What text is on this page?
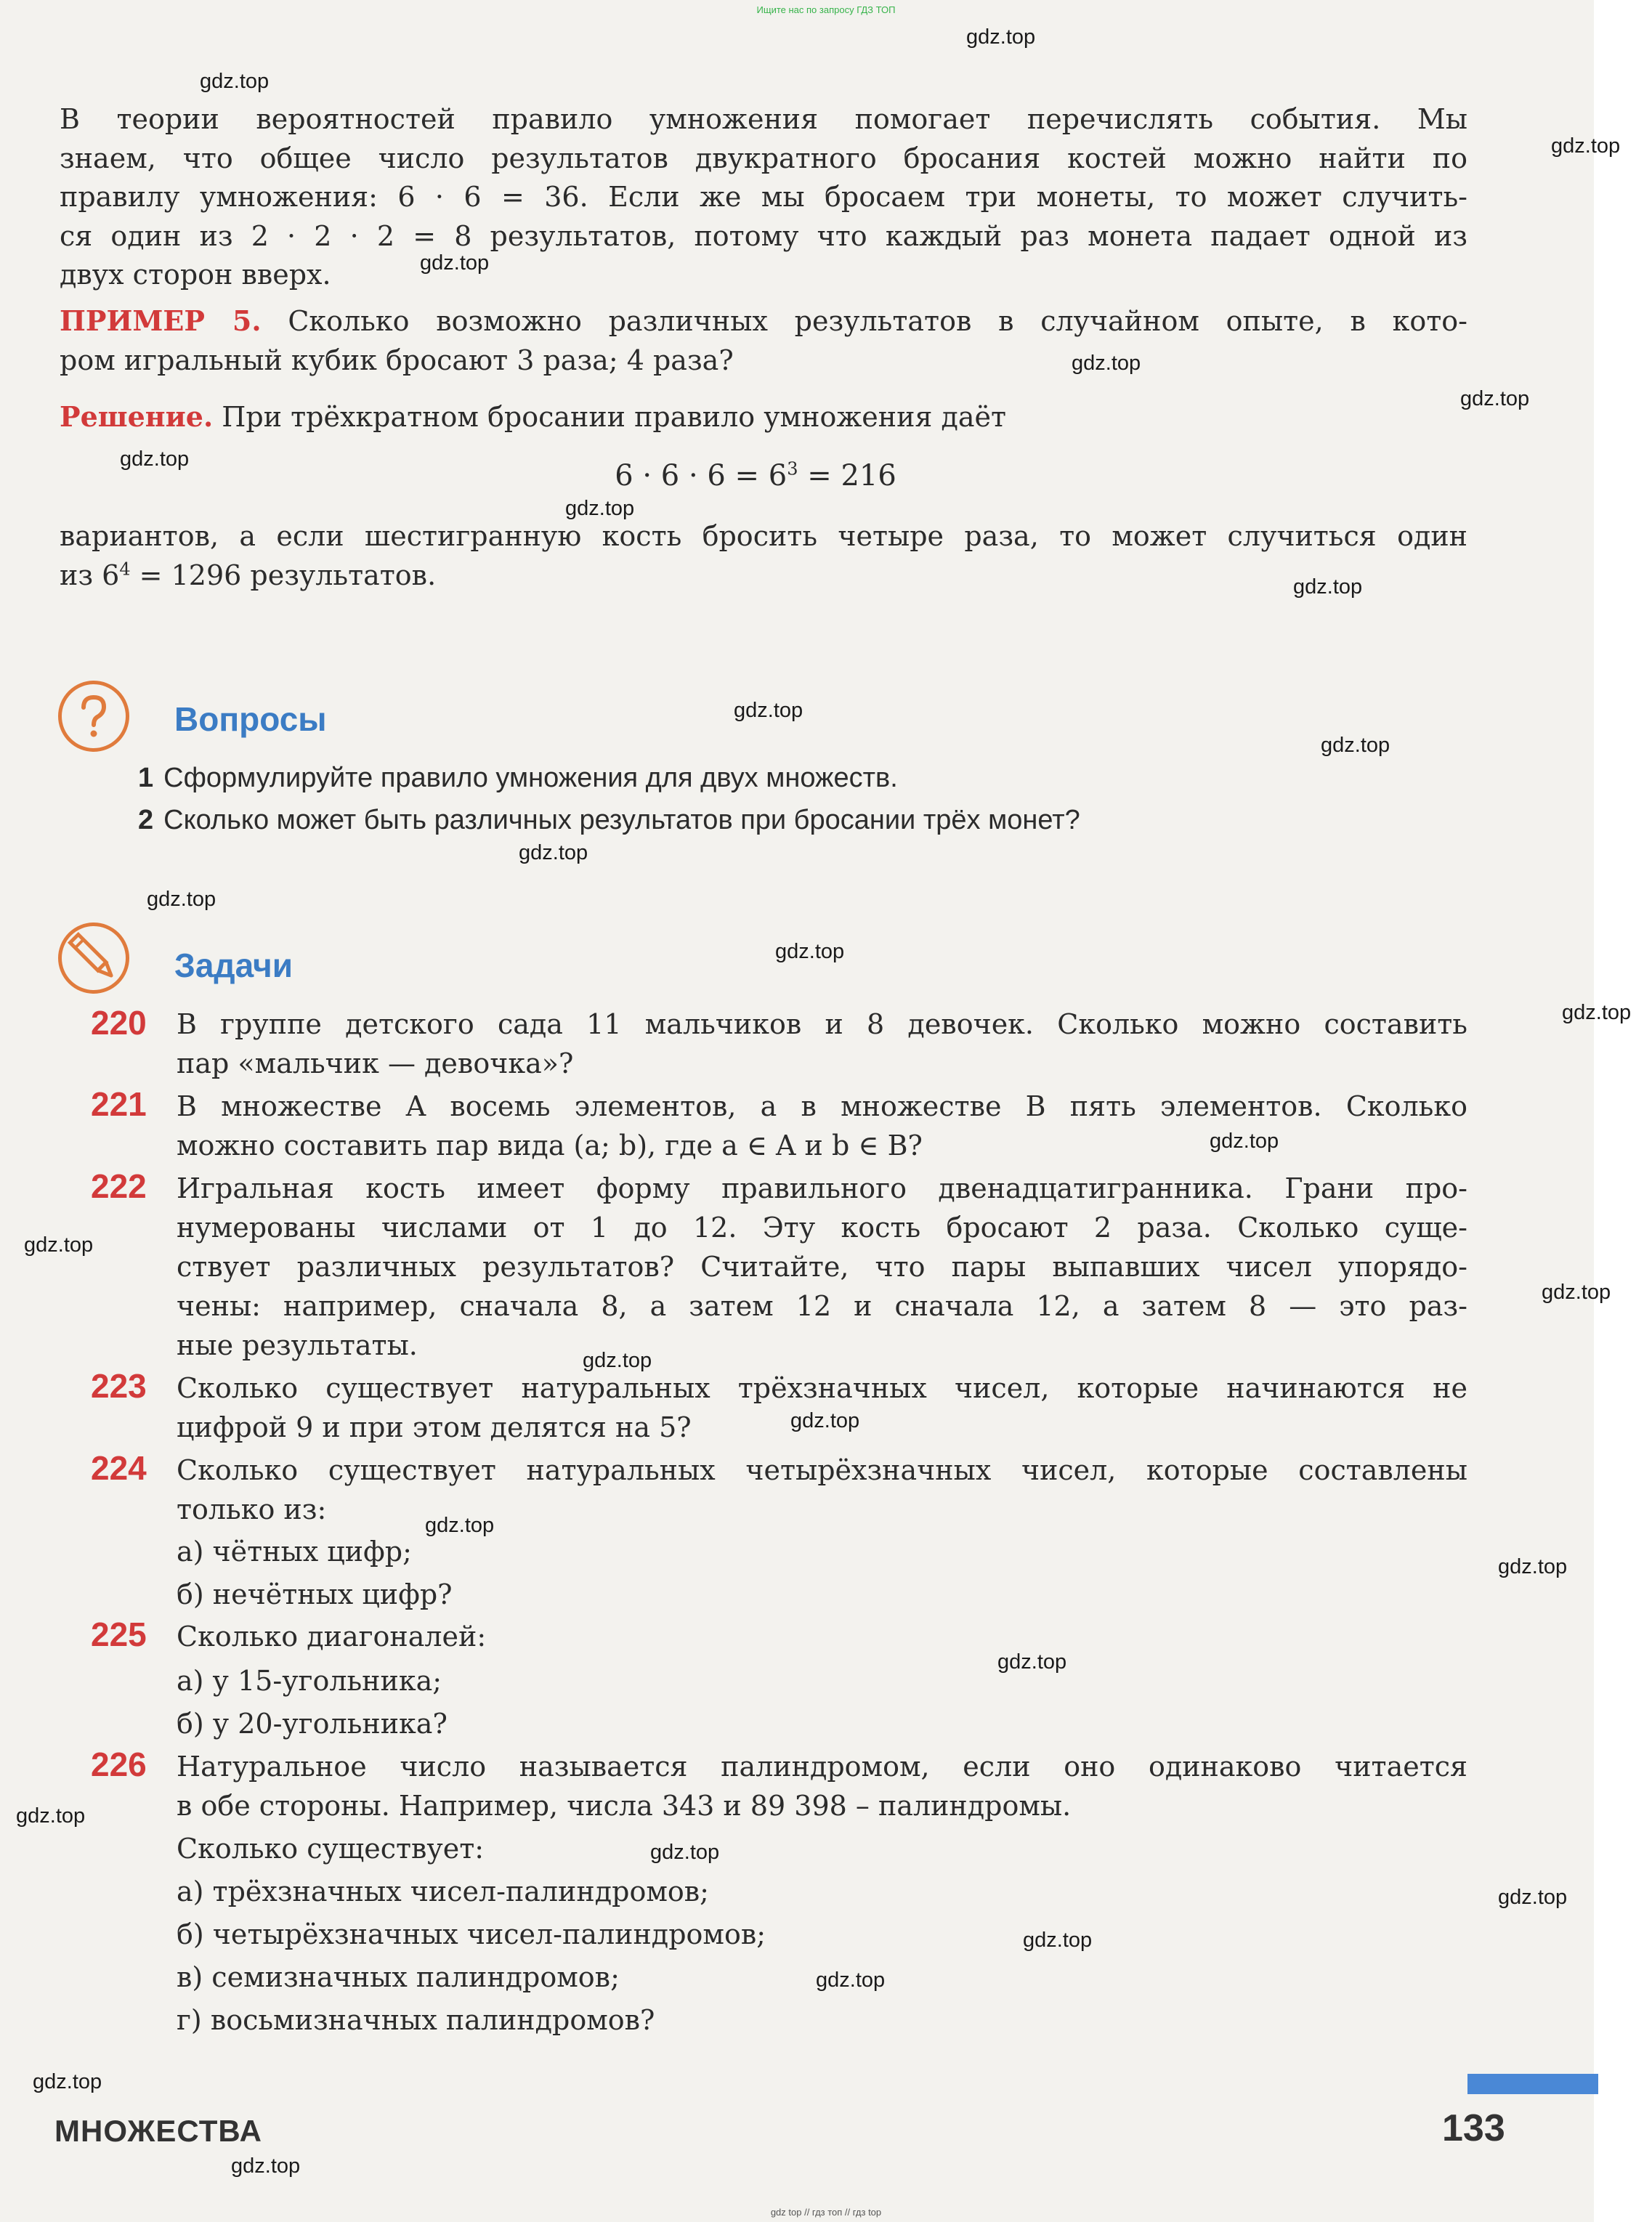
Ищите нас по запросу ГДЗ ТОП
gdz.top
gdz.top
gdz.top
gdz.top
gdz.top
gdz.top
gdz.top
gdz.top
gdz.top
gdz.top
gdz.top
gdz.top
gdz.top
gdz.top
gdz.top
gdz.top
gdz.top
gdz.top
gdz.top
gdz.top
gdz.top
gdz.top
gdz.top
gdz.top
gdz.top
gdz.top
gdz.top
gdz.top
gdz.top
gdz.top
В теории вероятностей правило умножения помогает перечислять события. Мы
знаем, что общее число результатов двукратного бросания костей можно найти по
правилу умножения: 6 · 6 = 36. Если же мы бросаем три монеты, то может случить-
ся один из 2 · 2 · 2 = 8 результатов, потому что каждый раз монета падает одной из
двух сторон вверх.
ПРИМЕР 5. Сколько возможно различных результатов в случайном опыте, в кото-
ром игральный кубик бросают 3 раза; 4 раза?
Решение. При трёхкратном бросании правило умножения даёт
$6 \cdot 6 \cdot 6 = 6^3 = 216$
вариантов, а если шестигранную кость бросить четыре раза, то может случиться один
из $6^4 = 1296$ результатов.
Вопросы
1 Сформулируйте правило умножения для двух множеств.
2 Сколько может быть различных результатов при бросании трёх монет?
Задачи
220 В группе детского сада 11 мальчиков и 8 девочек. Сколько можно составить
пар «мальчик — девочка»?
221 В множестве A восемь элементов, а в множестве B пять элементов. Сколько
можно составить пар вида (a; b), где a ∈ A и b ∈ B?
222 Игральная кость имеет форму правильного двенадцатигранника. Грани про-
нумерованы числами от 1 до 12. Эту кость бросают 2 раза. Сколько суще-
ствует различных результатов? Считайте, что пары выпавших чисел упорядо-
чены: например, сначала 8, а затем 12 и сначала 12, а затем 8 — это раз-
ные результаты.
223 Сколько существует натуральных трёхзначных чисел, которые начинаются не
цифрой 9 и при этом делятся на 5?
224 Сколько существует натуральных четырёхзначных чисел, которые составлены
только из:
а) чётных цифр;
б) нечётных цифр?
225 Сколько диагоналей:
а) у 15-угольника;
б) у 20-угольника?
226 Натуральное число называется палиндромом, если оно одинаково читается
в обе стороны. Например, числа 343 и 89 398 – палиндромы.
Сколько существует:
а) трёхзначных чисел-палиндромов;
б) четырёхзначных чисел-палиндромов;
в) семизначных палиндромов;
г) восьмизначных палиндромов?
МНОЖЕСТВА	133
gdz top // гдз топ // гдз top
